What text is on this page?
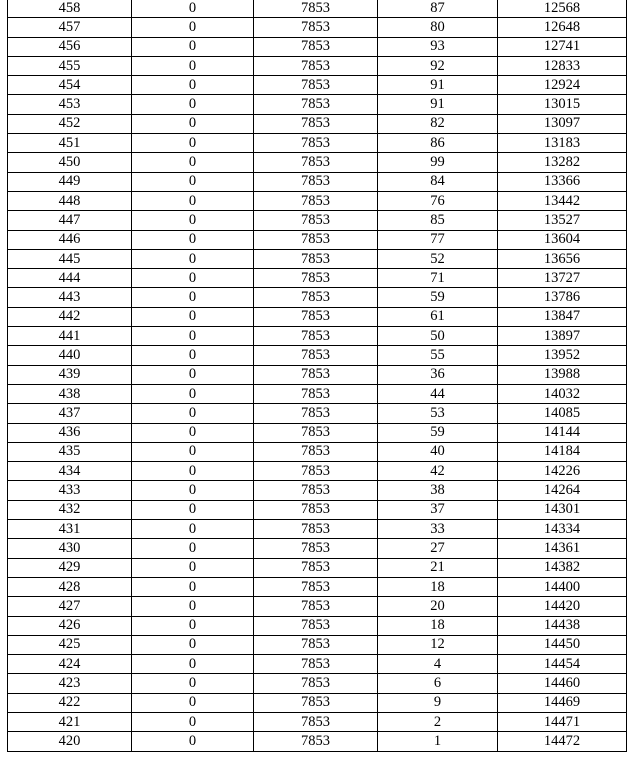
458	0	7853	87	12568
457	0	7853	80	12648
456	0	7853	93	12741
455	0	7853	92	12833
454	0	7853	91	12924
453	0	7853	91	13015
452	0	7853	82	13097
451	0	7853	86	13183
450	0	7853	99	13282
449	0	7853	84	13366
448	0	7853	76	13442
447	0	7853	85	13527
446	0	7853	77	13604
445	0	7853	52	13656
444	0	7853	71	13727
443	0	7853	59	13786
442	0	7853	61	13847
441	0	7853	50	13897
440	0	7853	55	13952
439	0	7853	36	13988
438	0	7853	44	14032
437	0	7853	53	14085
436	0	7853	59	14144
435	0	7853	40	14184
434	0	7853	42	14226
433	0	7853	38	14264
432	0	7853	37	14301
431	0	7853	33	14334
430	0	7853	27	14361
429	0	7853	21	14382
428	0	7853	18	14400
427	0	7853	20	14420
426	0	7853	18	14438
425	0	7853	12	14450
424	0	7853	4	14454
423	0	7853	6	14460
422	0	7853	9	14469
421	0	7853	2	14471
420	0	7853	1	14472
